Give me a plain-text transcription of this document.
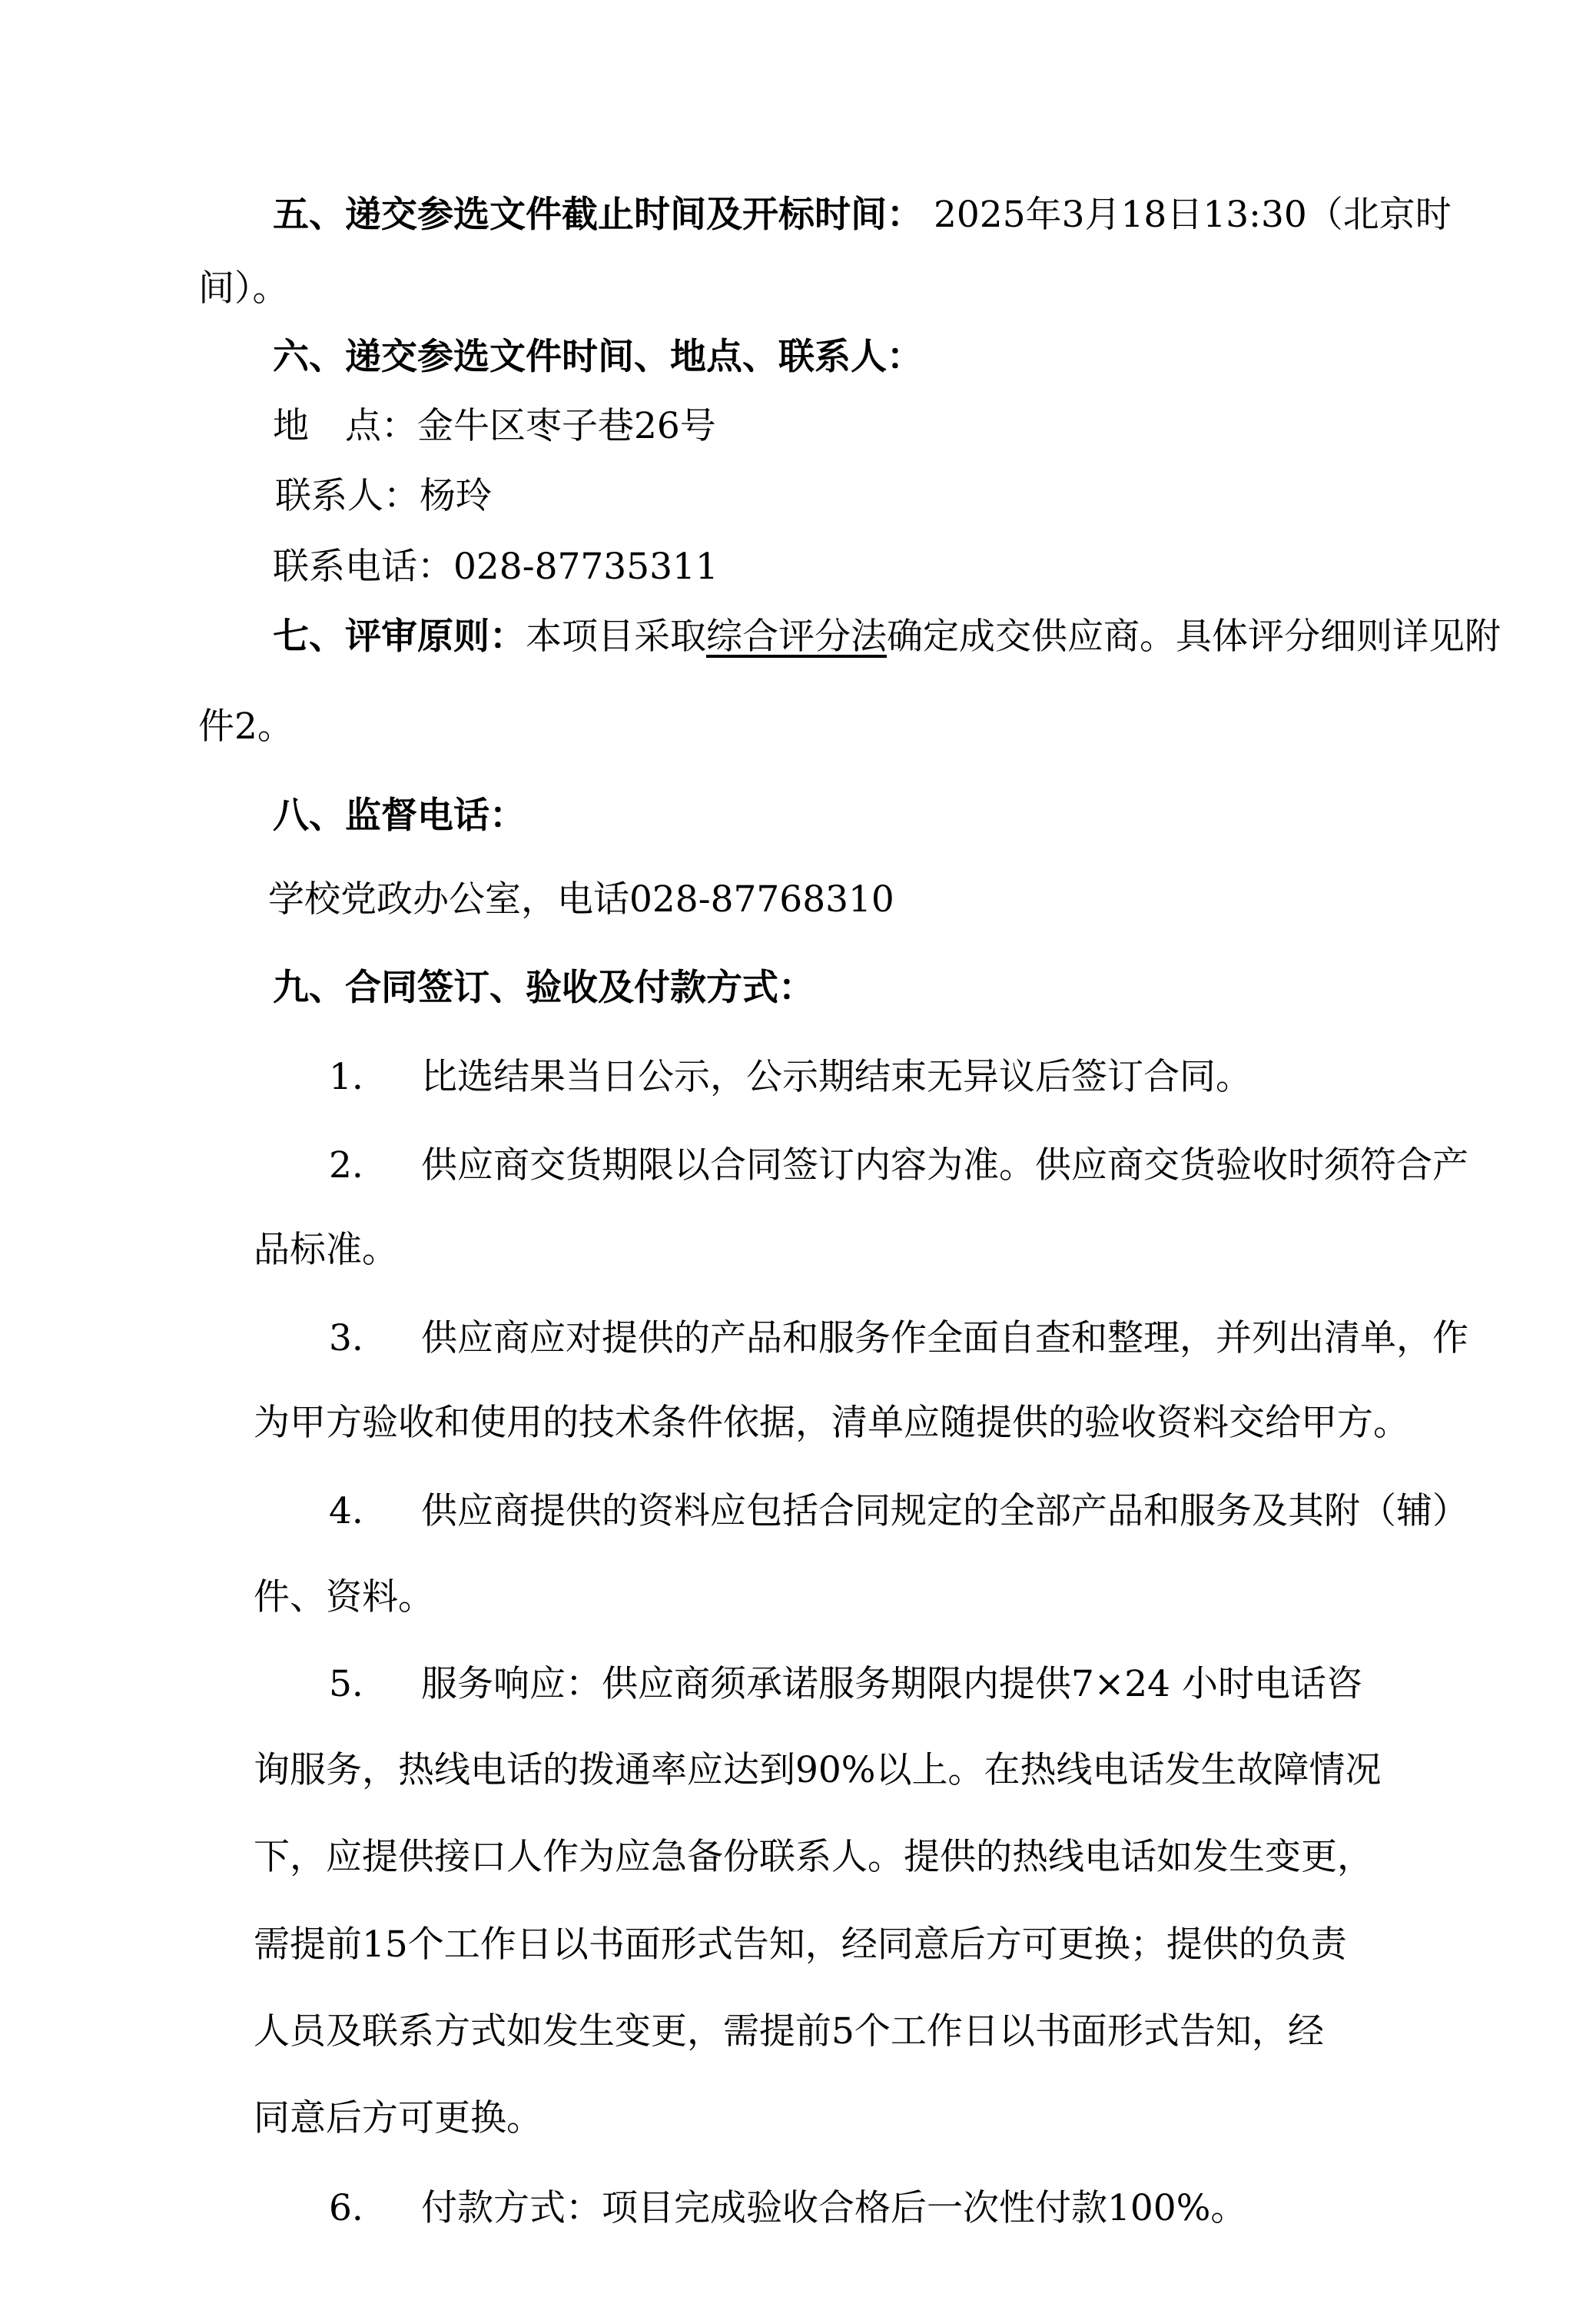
五、递交参选文件截止时间及开标时间： 2025年3月18日13:30（北京时
间）。
六、递交参选文件时间、地点、联系人：
地　点：金牛区枣子巷26号
联系人：杨玲
联系电话：028-87735311
七、评审原则：本项目采取综合评分法确定成交供应商。具体评分细则详见附
件2。
八、监督电话：
学校党政办公室，电话028-87768310
九、合同签订、验收及付款方式：
1. 比选结果当日公示，公示期结束无异议后签订合同。
2. 供应商交货期限以合同签订内容为准。供应商交货验收时须符合产
品标准。
3. 供应商应对提供的产品和服务作全面自查和整理，并列出清单，作
为甲方验收和使用的技术条件依据，清单应随提供的验收资料交给甲方。
4. 供应商提供的资料应包括合同规定的全部产品和服务及其附（辅）
件、资料。
5. 服务响应：供应商须承诺服务期限内提供7×24 小时电话咨
询服务，热线电话的拨通率应达到90%以上。在热线电话发生故障情况
下，应提供接口人作为应急备份联系人。提供的热线电话如发生变更，
需提前15个工作日以书面形式告知，经同意后方可更换；提供的负责
人员及联系方式如发生变更，需提前5个工作日以书面形式告知，经
同意后方可更换。
6. 付款方式：项目完成验收合格后一次性付款100%。
